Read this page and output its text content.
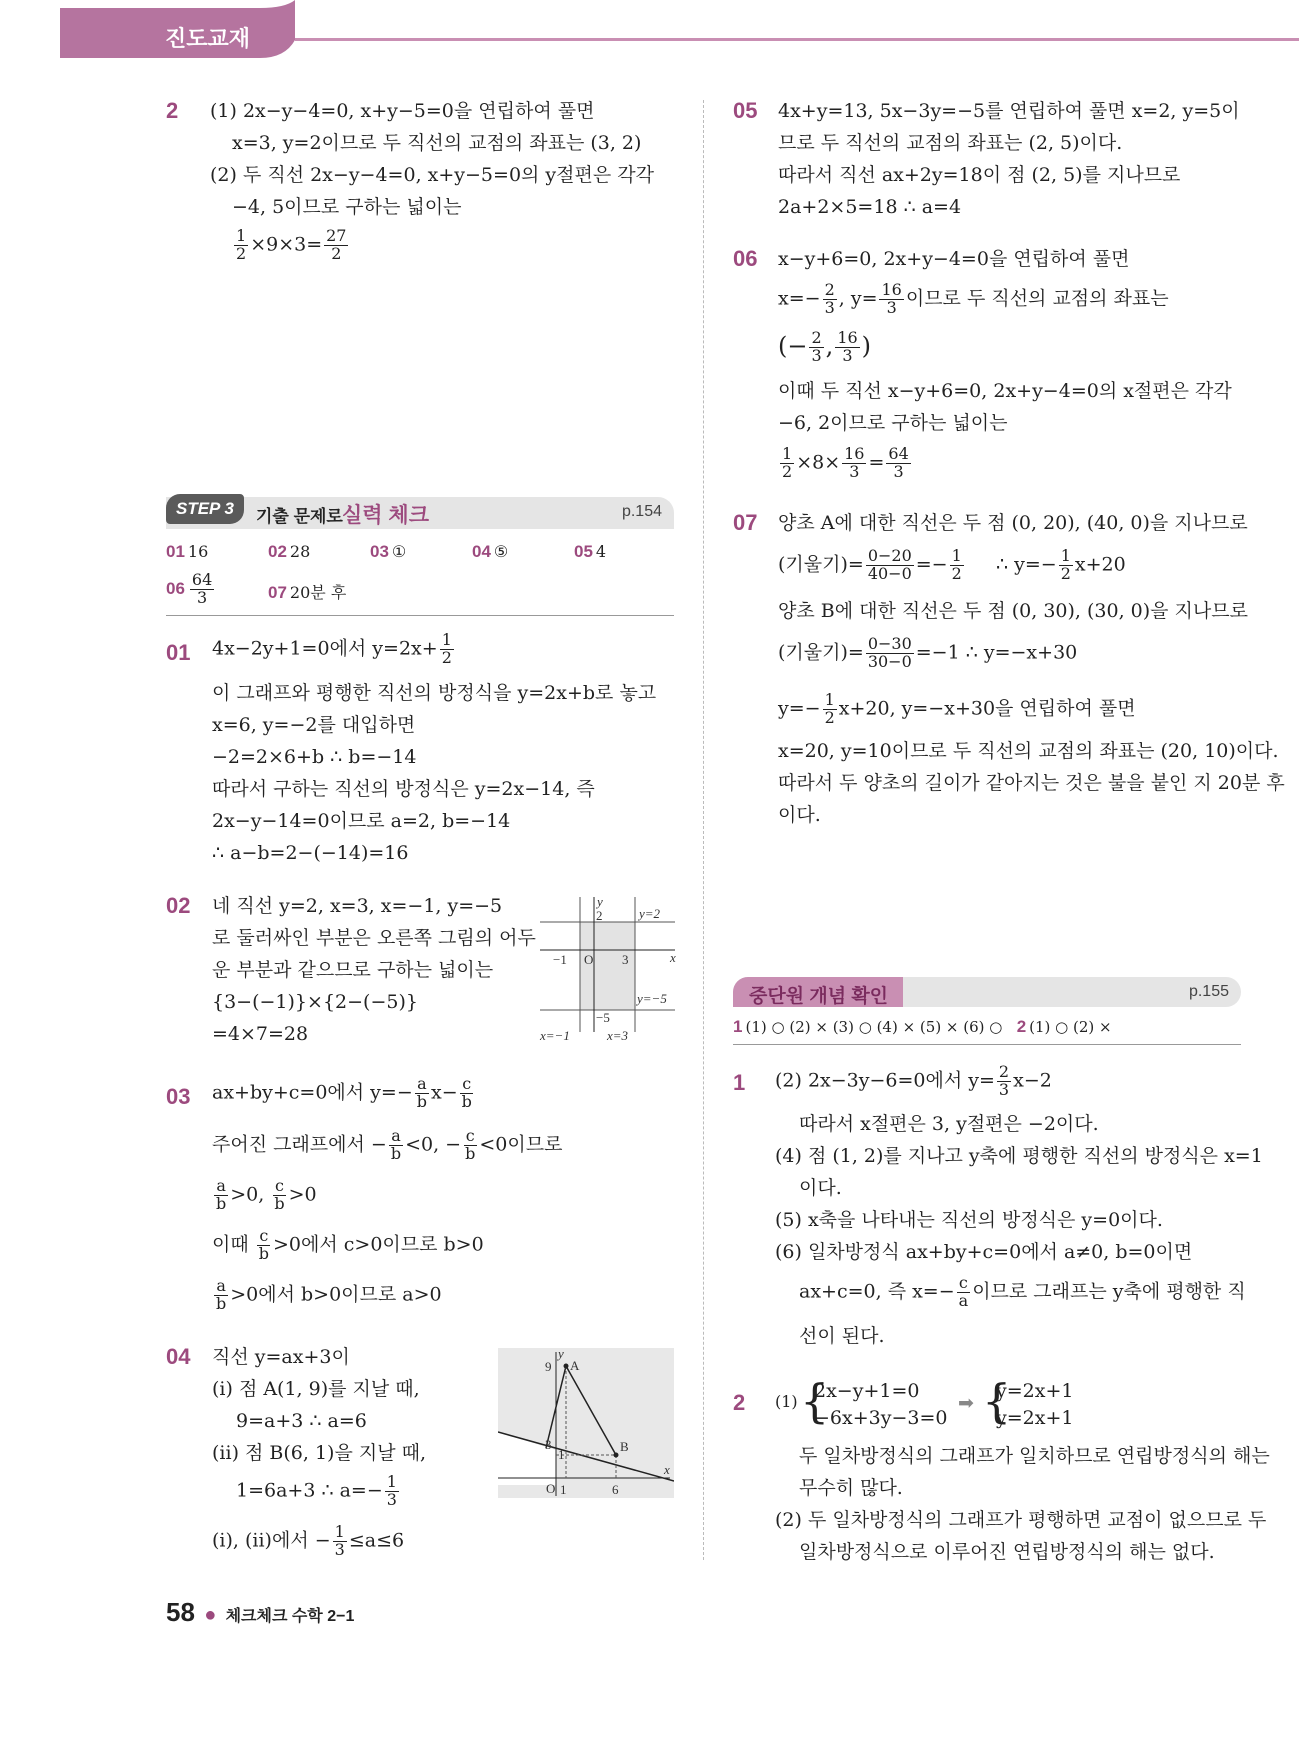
진도교재
2 (1) 2x−y−4=0, x+y−5=0을 연립하여 풀면
x=3, y=2이므로 두 직선의 교점의 좌표는 (3, 2)
(2) 두 직선 2x−y−4=0, x+y−5=0의 y절편은 각각
−4, 5이므로 구하는 넓이는
$\frac{1}{2} \times 9\times 3= \frac{27}{2}$
STEP 3	기출 문제로 실력 체크	p.154
01 16	02 28	03 ①	04 ⑤	05 4
$06 \frac{64}{3}$	07 20분 후
01 4x−2y+1=0에서 $y=2x+ \frac{1}{2}$
이 그래프와 평행한 직선의 방정식을 y=2x+b로 놓고
x=6, y=−2를 대입하면
−2=2×6+b ∴ b=−14
따라서 구하는 직선의 방정식은 y=2x−14, 즉
2x−y−14=0이므로 a=2, b=−14
∴ a−b=2−(−14)=16
02 네 직선 y=2, x=3, x=−1, y=−5
로 둘러싸인 부분은 오른쪽 그림의 어두
운 부분과 같으므로 구하는 넓이는
{3−(−1)}×{2−(−5)}
=4×7=28
x
y
O
2
−1	3
−5
y=2
y=−5
x=−1	x=3
03 ax+by+c=0에서 $y=- \frac{a}{b} x- \frac{c}{b}$
주어진 그래프에서 − $\frac{a}{b} <0$, − $\frac{c}{b} <0$이므로
$\frac{a}{b} >0$, $\frac{c}{b} >0$
이때 $\frac{c}{b} >0$에서 c>0이므로 b>0
$\frac{a}{b} >0$에서 b>0이므로 a>0
04 직선 y=ax+3이
(i) 점 A(1, 9)를 지날 때,
9=a+3 ∴ a=6
(ii) 점 B(6, 1)을 지날 때,
1=6a+3 ∴ $a=- \frac{1}{3}$
(i), (ii)에서 − $\frac{1}{3} \le a\le 6$
y
x
O
A
B
9
3
1
1	6
58 ● 체크체크 수학 2−1
05 4x+y=13, 5x−3y=−5를 연립하여 풀면 x=2, y=5이
므로 두 직선의 교점의 좌표는 (2, 5)이다.
따라서 직선 ax+2y=18이 점 (2, 5)를 지나므로
2a+2×5=18 ∴ a=4
06 x−y+6=0, 2x+y−4=0을 연립하여 풀면
$x=- \frac{2}{3}$ , $y= \frac{16}{3}$ 이므로 두 직선의 교점의 좌표는
(− $\frac{2}{3}$ , $\frac{16}{3}$ )
이때 두 직선 x−y+6=0, 2x+y−4=0의 x절편은 각각
−6, 2이므로 구하는 넓이는
$\frac{1}{2} \times 8\times \frac{16}{3} = \frac{64}{3}$
07 양초 A에 대한 직선은 두 점 (0, 20), (40, 0)을 지나므로
(기울기)= $\frac{0-20}{40-0} =- \frac{1}{2}$ ∴ $y=- \frac{1}{2} x+20$
양초 B에 대한 직선은 두 점 (0, 30), (30, 0)을 지나므로
(기울기)= $\frac{0-30}{30-0} =-1$ ∴ y=−x+30
$y=- \frac{1}{2} x+20$, y=−x+30을 연립하여 풀면
x=20, y=10이므로 두 직선의 교점의 좌표는 (20, 10)이다.
따라서 두 양초의 길이가 같아지는 것은 불을 붙인 지 20분 후
이다.
중단원 개념 확인	p.155
1 (1) ○ (2) × (3) ○ (4) × (5) × (6) ○ 2 (1) ○ (2) ×
1 (2) 2x−3y−6=0에서 $y= \frac{2}{3} x-2$
따라서 x절편은 3, y절편은 −2이다.
(4) 점 (1, 2)를 지나고 y축에 평행한 직선의 방정식은 x=1
이다.
(5) x축을 나타내는 직선의 방정식은 y=0이다.
(6) 일차방정식 ax+by+c=0에서 a≠0, b=0이면
ax+c=0, 즉 $x=- \frac{c}{a}$ 이므로 그래프는 y축에 평행한 직
선이 된다.
2 (1) {
2x−y+1=0
−6x+3y−3=0
➡ {
y=2x+1
y=2x+1
두 일차방정식의 그래프가 일치하므로 연립방정식의 해는
무수히 많다.
(2) 두 일차방정식의 그래프가 평행하면 교점이 없으므로 두
일차방정식으로 이루어진 연립방정식의 해는 없다.
